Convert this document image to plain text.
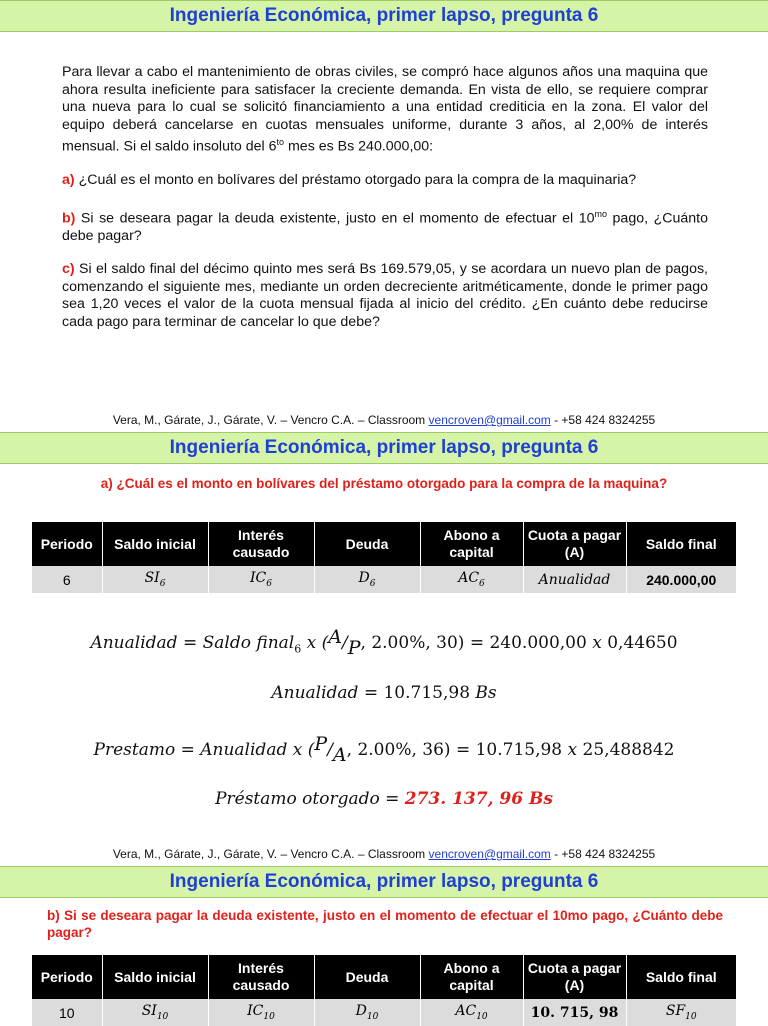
Ingeniería Económica, primer lapso, pregunta 6

Para llevar a cabo el mantenimiento de obras civiles, se compró hace algunos años una maquina que ahora resulta ineficiente para satisfacer la creciente demanda. En vista de ello, se requiere comprar una nueva para lo cual se solicitó financiamiento a una entidad crediticia en la zona. El valor del equipo deberá cancelarse en cuotas mensuales uniforme, durante 3 años, al 2,00% de interés mensual. Si el saldo insoluto del $6^{to}$ mes es Bs 240.000,00:

a) ¿Cuál es el monto en bolívares del préstamo otorgado para la compra de la maquinaria?

b) Si se deseara pagar la deuda existente, justo en el momento de efectuar el $10^{mo}$ pago, ¿Cuánto debe pagar?

c) Si el saldo final del décimo quinto mes será Bs 169.579,05, y se acordara un nuevo plan de pagos, comenzando el siguiente mes, mediante un orden decreciente aritméticamente, donde le primer pago sea 1,20 veces el valor de la cuota mensual fijada al inicio del crédito. ¿En cuánto debe reducirse cada pago para terminar de cancelar lo que debe?

Vera, M., Gárate, J., Gárate, V. – Vencro C.A. – Classroom vencroven@gmail.com - +58 424 8324255
Ingeniería Económica, primer lapso, pregunta 6
a) ¿Cuál es el monto en bolívares del préstamo otorgado para la compra de la maquina?
Periodo	Saldo inicial	Interés causado	Deuda	Abono a capital	Cuota a pagar (A)	Saldo final
6	$SI_6$	$IC_6$	$D_6$	$AC_6$	Anualidad	240.000,00
Anualidad = Saldo final$_6$ x ($^A/_P$, 2.00%, 30) = 240.000,00 x 0,44650
Anualidad = 10.715,98 Bs
Prestamo = Anualidad x ($^P/_A$, 2.00%, 36) = 10.715,98 x 25,488842
Préstamo otorgado = 273. 137, 96 Bs
Vera, M., Gárate, J., Gárate, V. – Vencro C.A. – Classroom vencroven@gmail.com - +58 424 8324255
Ingeniería Económica, primer lapso, pregunta 6
b) Si se deseara pagar la deuda existente, justo en el momento de efectuar el 10mo pago, ¿Cuánto debe pagar?
Periodo	Saldo inicial	Interés causado	Deuda	Abono a capital	Cuota a pagar (A)	Saldo final
10	$SI_{10}$	$IC_{10}$	$D_{10}$	$AC_{10}$	10. 715, 98	$SF_{10}$
